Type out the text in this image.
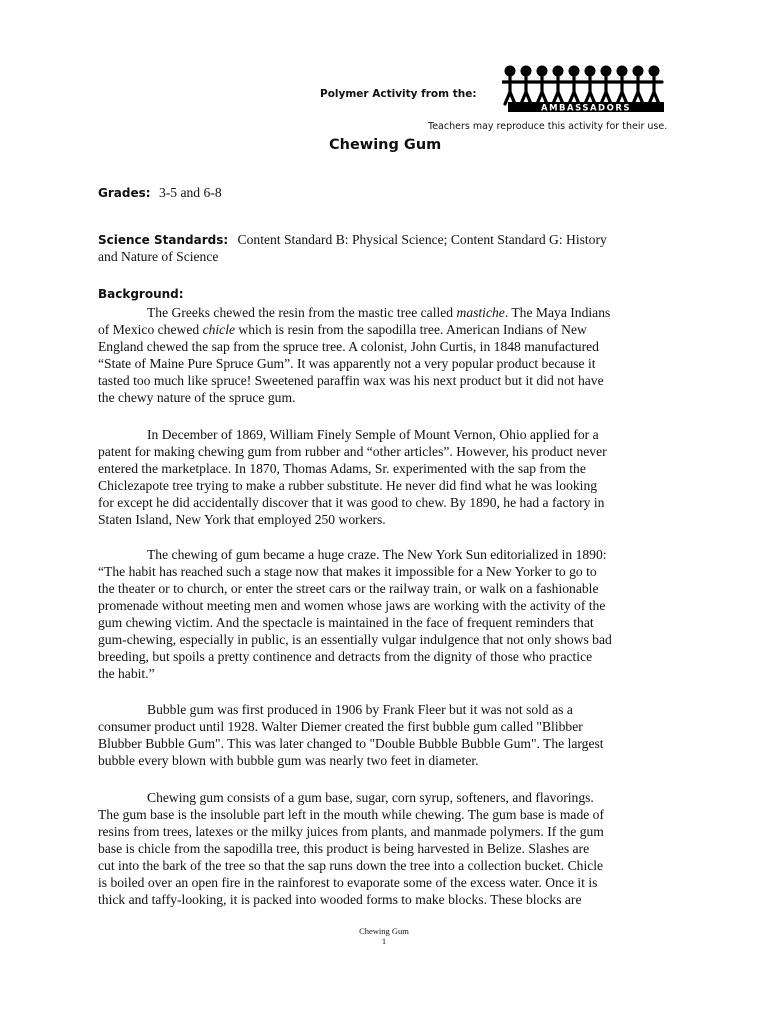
Polymer Activity from the:
AMBASSADORS
Teachers may reproduce this activity for their use.
Chewing Gum
Grades: 3-5 and 6-8
Science Standards: Content Standard B: Physical Science; Content Standard G: History
and Nature of Science
Background:
The Greeks chewed the resin from the mastic tree called mastiche. The Maya Indians
of Mexico chewed chicle which is resin from the sapodilla tree. American Indians of New
England chewed the sap from the spruce tree. A colonist, John Curtis, in 1848 manufactured
“State of Maine Pure Spruce Gum”. It was apparently not a very popular product because it
tasted too much like spruce! Sweetened paraffin wax was his next product but it did not have
the chewy nature of the spruce gum.
In December of 1869, William Finely Semple of Mount Vernon, Ohio applied for a
patent for making chewing gum from rubber and “other articles”. However, his product never
entered the marketplace. In 1870, Thomas Adams, Sr. experimented with the sap from the
Chiclezapote tree trying to make a rubber substitute. He never did find what he was looking
for except he did accidentally discover that it was good to chew. By 1890, he had a factory in
Staten Island, New York that employed 250 workers.
The chewing of gum became a huge craze. The New York Sun editorialized in 1890:
“The habit has reached such a stage now that makes it impossible for a New Yorker to go to
the theater or to church, or enter the street cars or the railway train, or walk on a fashionable
promenade without meeting men and women whose jaws are working with the activity of the
gum chewing victim. And the spectacle is maintained in the face of frequent reminders that
gum-chewing, especially in public, is an essentially vulgar indulgence that not only shows bad
breeding, but spoils a pretty continence and detracts from the dignity of those who practice
the habit.”
Bubble gum was first produced in 1906 by Frank Fleer but it was not sold as a
consumer product until 1928. Walter Diemer created the first bubble gum called "Blibber
Blubber Bubble Gum". This was later changed to "Double Bubble Bubble Gum". The largest
bubble every blown with bubble gum was nearly two feet in diameter.
Chewing gum consists of a gum base, sugar, corn syrup, softeners, and flavorings.
The gum base is the insoluble part left in the mouth while chewing. The gum base is made of
resins from trees, latexes or the milky juices from plants, and manmade polymers. If the gum
base is chicle from the sapodilla tree, this product is being harvested in Belize. Slashes are
cut into the bark of the tree so that the sap runs down the tree into a collection bucket. Chicle
is boiled over an open fire in the rainforest to evaporate some of the excess water. Once it is
thick and taffy-looking, it is packed into wooded forms to make blocks. These blocks are
Chewing Gum
1
